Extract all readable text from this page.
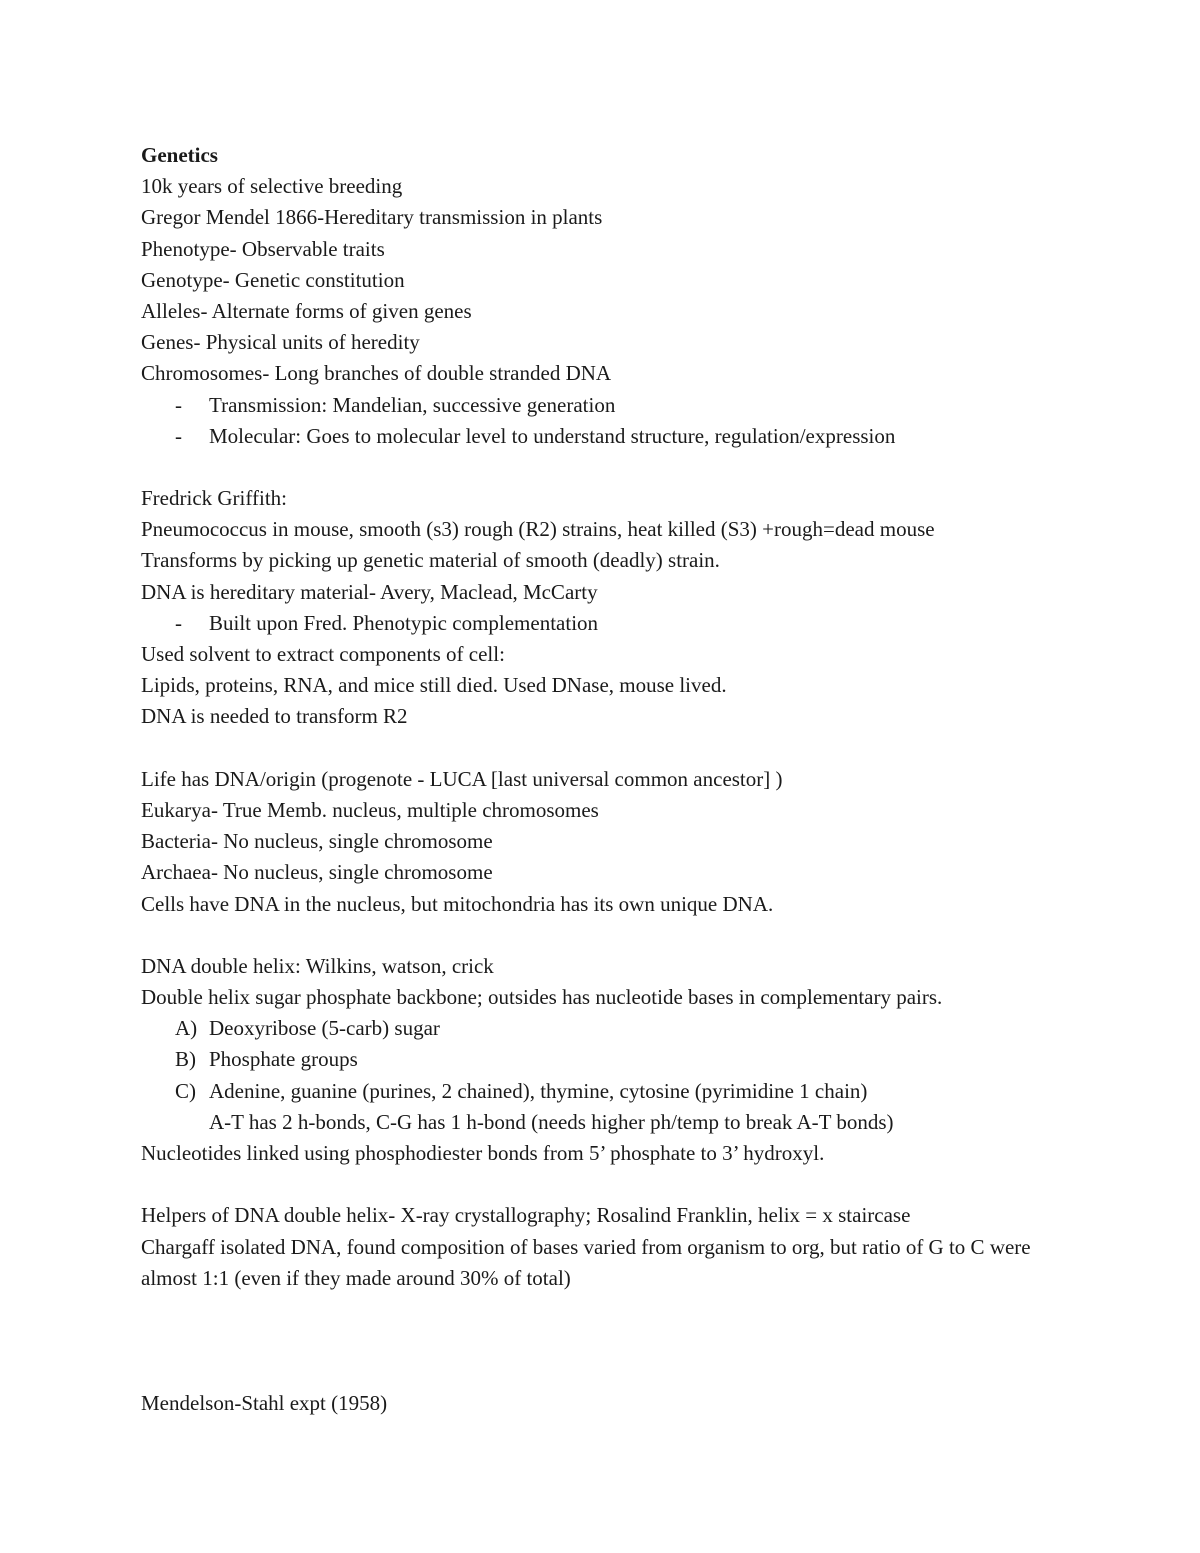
Genetics
10k years of selective breeding
Gregor Mendel 1866-Hereditary transmission in plants
Phenotype- Observable traits
Genotype- Genetic constitution
Alleles- Alternate forms of given genes
Genes- Physical units of heredity
Chromosomes- Long branches of double stranded DNA
-	Transmission: Mandelian, successive generation
-	Molecular: Goes to molecular level to understand structure, regulation/expression
Fredrick Griffith:
Pneumococcus in mouse, smooth (s3) rough (R2) strains, heat killed (S3) +rough=dead mouse
Transforms by picking up genetic material of smooth (deadly) strain.
DNA is hereditary material- Avery, Maclead, McCarty
-	Built upon Fred. Phenotypic complementation
Used solvent to extract components of cell:
Lipids, proteins, RNA, and mice still died. Used DNase, mouse lived.
DNA is needed to transform R2
Life has DNA/origin (progenote - LUCA [last universal common ancestor] )
Eukarya- True Memb. nucleus, multiple chromosomes
Bacteria- No nucleus, single chromosome
Archaea- No nucleus, single chromosome
Cells have DNA in the nucleus, but mitochondria has its own unique DNA.
DNA double helix: Wilkins, watson, crick
Double helix sugar phosphate backbone; outsides has nucleotide bases in complementary pairs.
A) Deoxyribose (5-carb) sugar
B) Phosphate groups
C) Adenine, guanine (purines, 2 chained), thymine, cytosine (pyrimidine 1 chain)
A-T has 2 h-bonds, C-G has 1 h-bond (needs higher ph/temp to break A-T bonds)
Nucleotides linked using phosphodiester bonds from 5’ phosphate to 3’ hydroxyl.
Helpers of DNA double helix- X-ray crystallography; Rosalind Franklin, helix = x staircase
Chargaff isolated DNA, found composition of bases varied from organism to org, but ratio of G to C were almost 1:1 (even if they made around 30% of total)
Mendelson-Stahl expt (1958)
